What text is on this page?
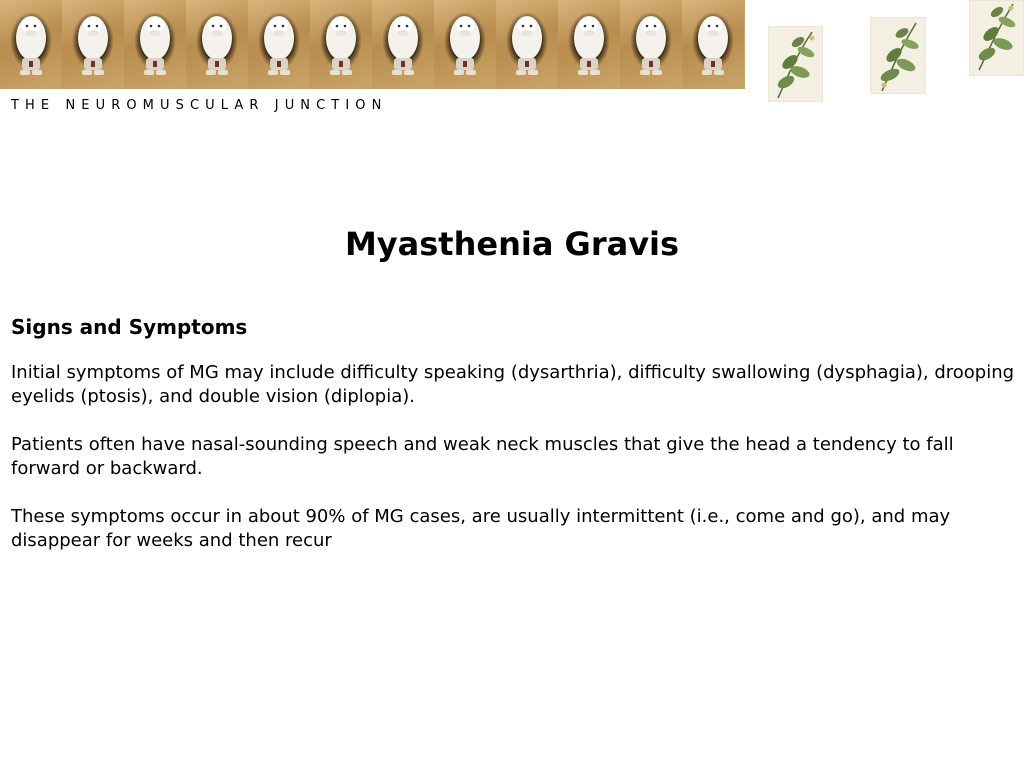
THE NEUROMUSCULAR JUNCTION
Myasthenia Gravis
Signs and Symptoms

Initial symptoms of MG may include difficulty speaking (dysarthria), difficulty swallowing (dysphagia), drooping eyelids (ptosis), and double vision (diplopia).

Patients often have nasal-sounding speech and weak neck muscles that give the head a tendency to fall forward or backward.

These symptoms occur in about 90% of MG cases, are usually intermittent (i.e., come and go), and may disappear for weeks and then recur
